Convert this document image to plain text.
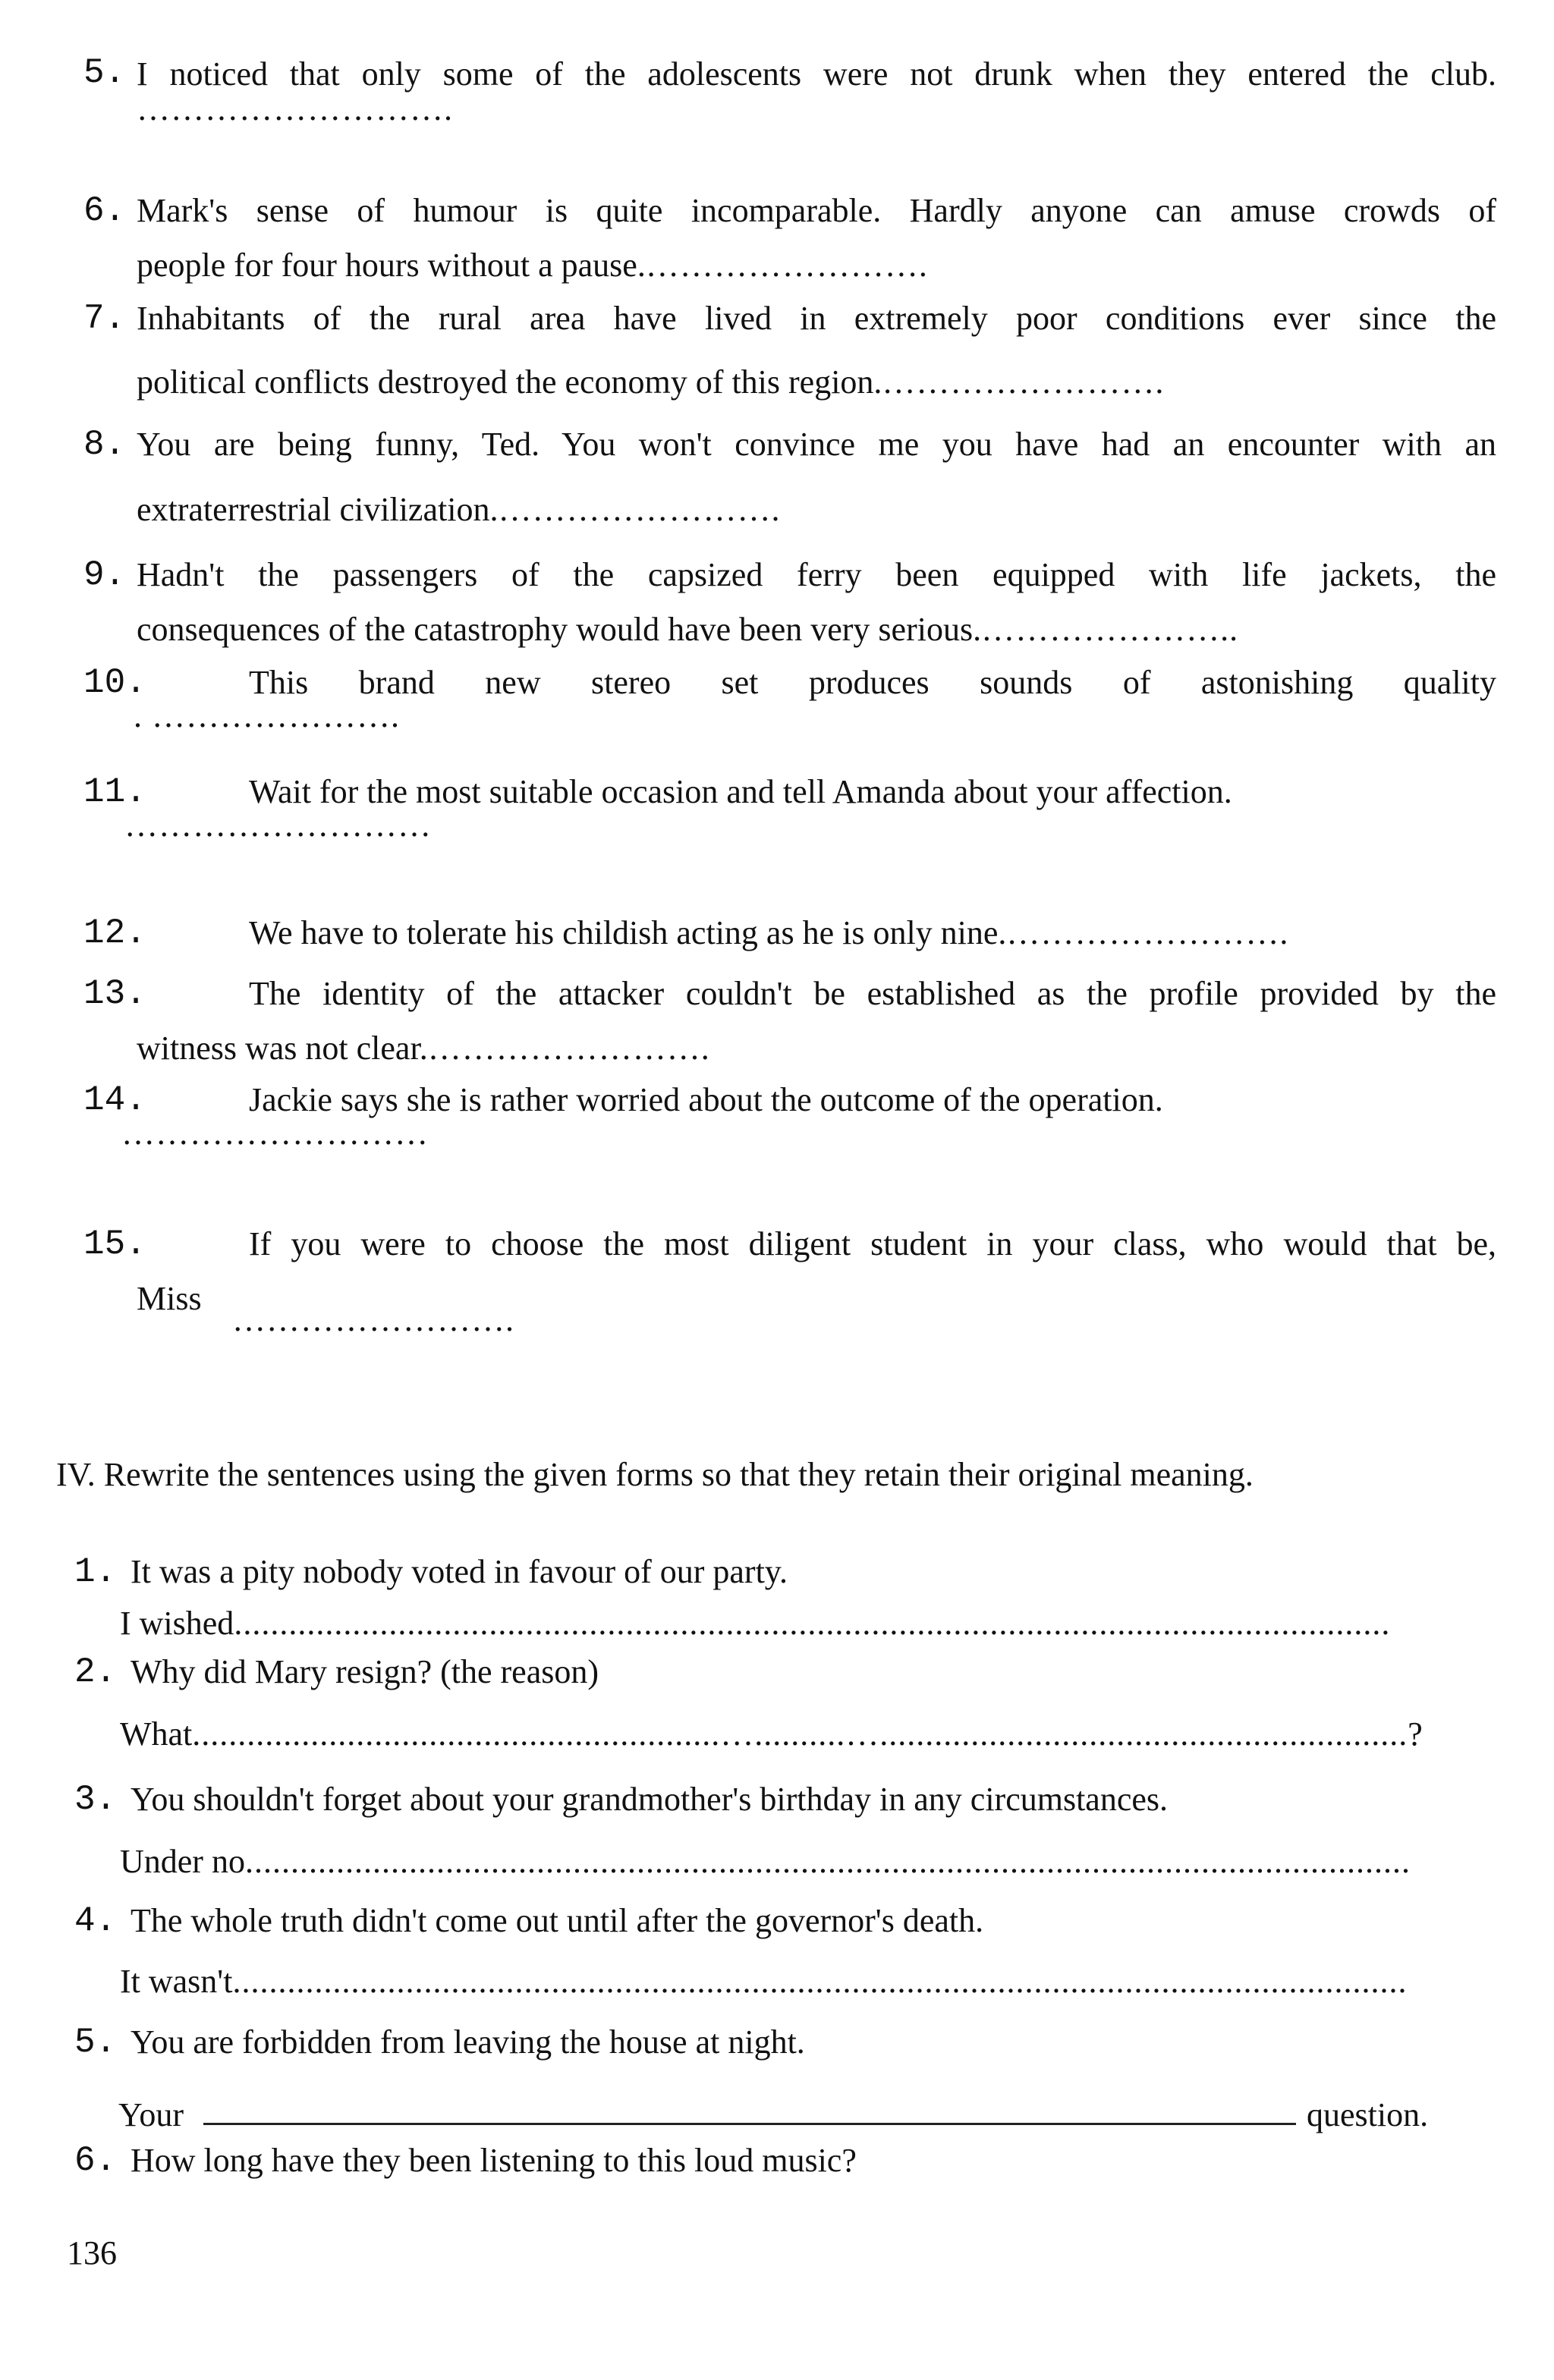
5. I noticed that only some of the adolescents were not drunk when they entered the club.
……………………….
6. Mark's sense of humour is quite incomparable. Hardly anyone can amuse crowds of
people for four hours without a pause.…………………….
7. Inhabitants of the rural area have lived in extremely poor conditions ever since the
political conflicts destroyed the economy of this region.…………………….
8. You are being funny, Ted. You won't convince me you have had an encounter with an
extraterrestrial civilization.…………………….
9. Hadn't the passengers of the capsized ferry been equipped with life jackets, the
consequences of the catastrophy would have been very serious.…………………..
10.	This brand new stereo set produces sounds of astonishing quality
. ………………….
11.	Wait for the most suitable occasion and tell Amanda about your affection.
………………………
12.	We have to tolerate his childish acting as he is only nine.…………………….
13.	The identity of the attacker couldn't be established as the profile provided by the
witness was not clear.…………………….
14.	Jackie says she is rather worried about the outcome of the operation.
………………………
15.	If you were to choose the most diligent student in your class, who would that be,
Miss
…………………….
IV. Rewrite the sentences using the given forms so that they retain their original meaning.
1. It was a pity nobody voted in favour of our party.
I wished...............................................................................................................................
2. Why did Mary resign? (the reason)
What..........................................................…..........…..........................................................?
3. You shouldn't forget about your grandmother's birthday in any circumstances.
Under no................................................................................................................................
4. The whole truth didn't come out until after the governor's death.
It wasn't.................................................................................................................................
5. You are forbidden from leaving the house at night.
Your	question.
6. How long have they been listening to this loud music?
136
